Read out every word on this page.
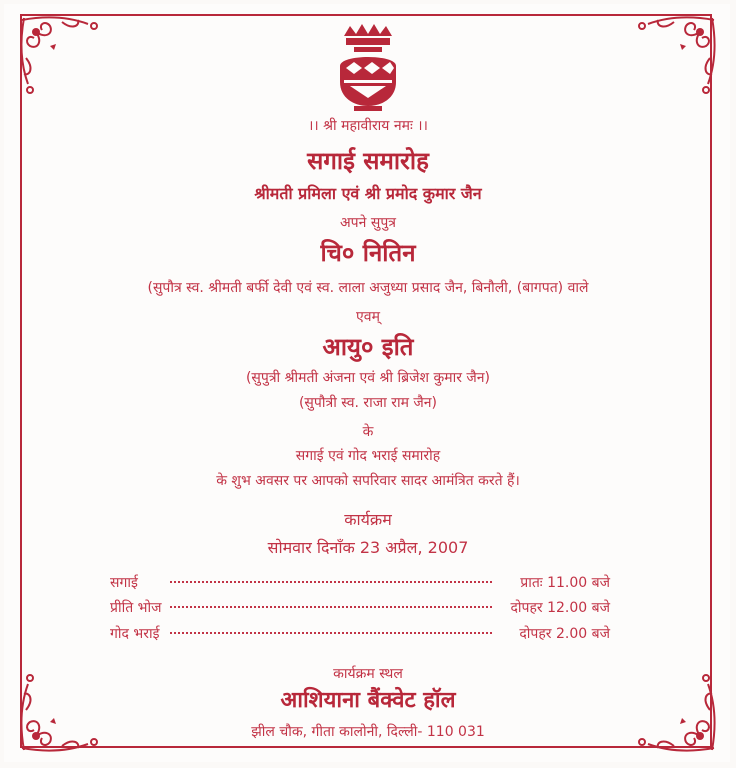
।। श्री महावीराय नमः ।।
सगाई समारोह
श्रीमती प्रमिला एवं श्री प्रमोद कुमार जैन
अपने सुपुत्र
चि० नितिन
(सुपौत्र स्व. श्रीमती बर्फी देवी एवं स्व. लाला अजुध्या प्रसाद जैन, बिनौली, (बागपत) वाले
एवम्
आयु० इति
(सुपुत्री श्रीमती अंजना एवं श्री ब्रिजेश कुमार जैन)
(सुपौत्री स्व. राजा राम जैन)
के
सगाई एवं गोद भराई समारोह
के शुभ अवसर पर आपको सपरिवार सादर आमंत्रित करते हैं।
कार्यक्रम
सोमवार दिनाँक 23 अप्रैल, 2007
सगाई	प्रातः 11.00 बजे
प्रीति भोज	दोपहर 12.00 बजे
गोद भराई	दोपहर 2.00 बजे
कार्यक्रम स्थल
आशियाना बैंक्वेट हॉल
झील चौक, गीता कालोनी, दिल्ली- 110 031
